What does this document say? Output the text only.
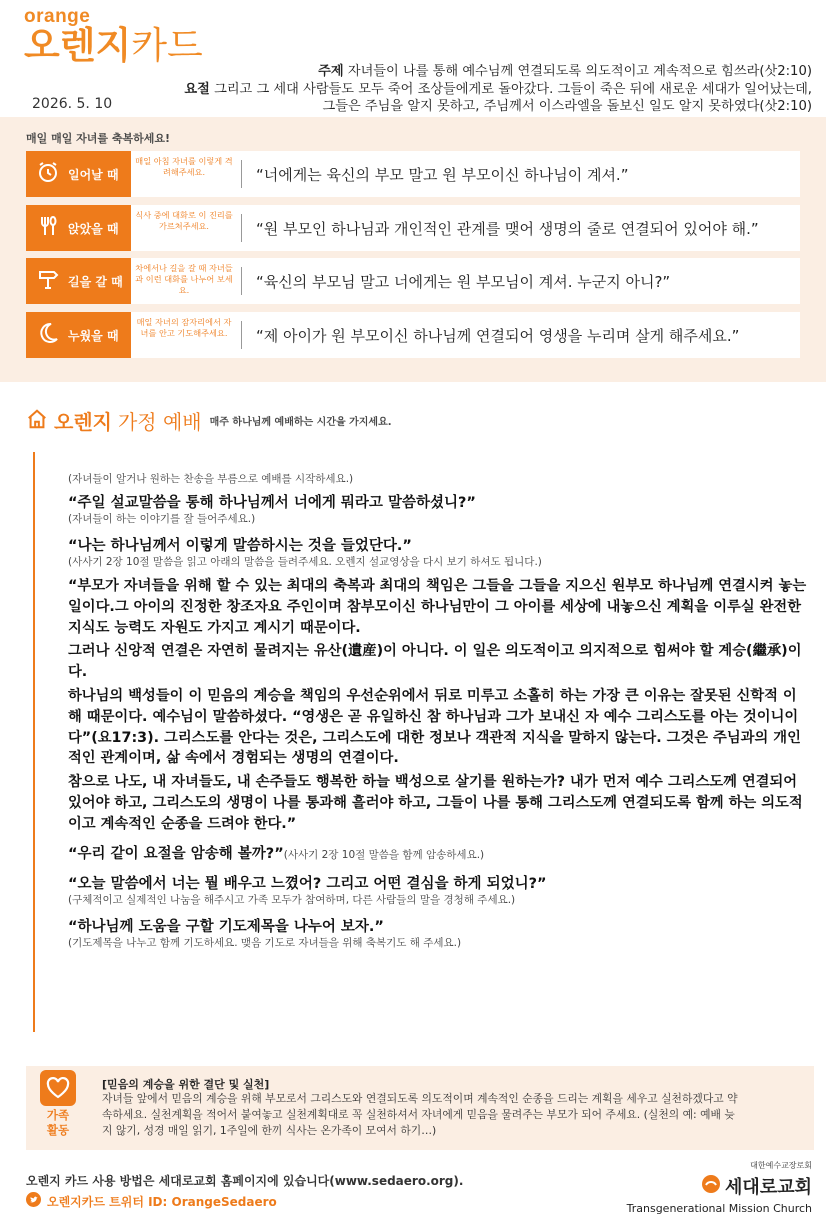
orange
오렌지카드
2026. 5. 10
주제 자녀들이 나를 통해 예수님께 연결되도록 의도적이고 계속적으로 힘쓰라(삿2:10)
요절 그리고 그 세대 사람들도 모두 죽어 조상들에게로 돌아갔다. 그들이 죽은 뒤에 새로운 세대가 일어났는데, 그들은 주님을 알지 못하고, 주님께서 이스라엘을 돌보신 일도 알지 못하였다(삿2:10)
매일 매일 자녀를 축복하세요!
일어날 때
매일 아침 자녀를 이렇게 격려해주세요.	“너에게는 육신의 부모 말고 원 부모이신 하나님이 계셔.”
앉았을 때
식사 중에 대화로 이 진리를 가르쳐주세요.	“원 부모인 하나님과 개인적인 관계를 맺어 생명의 줄로 연결되어 있어야 해.”
길을 갈 때
차에서나 길을 갈 때 자녀들과 이런 대화를 나누어 보세요.	“육신의 부모님 말고 너에게는 원 부모님이 계셔. 누군지 아니?”
누웠을 때
매일 자녀의 잠자리에서 자녀를 안고 기도해주세요.	“제 아이가 원 부모이신 하나님께 연결되어 영생을 누리며 살게 해주세요.”
오렌지 가정 예배 매주 하나님께 예배하는 시간을 가지세요.
(자녀들이 알거나 원하는 찬송을 부름으로 예배를 시작하세요.)
“주일 설교말씀을 통해 하나님께서 너에게 뭐라고 말씀하셨니?”
(자녀들이 하는 이야기를 잘 들어주세요.)
“나는 하나님께서 이렇게 말씀하시는 것을 들었단다.”
(사사기 2장 10절 말씀을 읽고 아래의 말씀을 들려주세요. 오렌지 설교영상을 다시 보기 하셔도 됩니다.)
“부모가 자녀들을 위해 할 수 있는 최대의 축복과 최대의 책임은 그들을 그들을 지으신 원부모 하나님께 연결시켜 놓는 일이다.그 아이의 진정한 창조자요 주인이며 참부모이신 하나님만이 그 아이를 세상에 내놓으신 계획을 이루실 완전한 지식도 능력도 자원도 가지고 계시기 때문이다.
그러나 신앙적 연결은 자연히 물려지는 유산(遺産)이 아니다. 이 일은 의도적이고 의지적으로 힘써야 할 계승(繼承)이다.
하나님의 백성들이 이 믿음의 계승을 책임의 우선순위에서 뒤로 미루고 소홀히 하는 가장 큰 이유는 잘못된 신학적 이해 때문이다. 예수님이 말씀하셨다. “영생은 곧 유일하신 참 하나님과 그가 보내신 자 예수 그리스도를 아는 것이니이다”(요17:3). 그리스도를 안다는 것은, 그리스도에 대한 정보나 객관적 지식을 말하지 않는다. 그것은 주님과의 개인적인 관계이며, 삶 속에서 경험되는 생명의 연결이다.
참으로 나도, 내 자녀들도, 내 손주들도 행복한 하늘 백성으로 살기를 원하는가? 내가 먼저 예수 그리스도께 연결되어 있어야 하고, 그리스도의 생명이 나를 통과해 흘러야 하고, 그들이 나를 통해 그리스도께 연결되도록 함께 하는 의도적이고 계속적인 순종을 드려야 한다.”
“우리 같이 요절을 암송해 볼까?”(사사기 2장 10절 말씀을 함께 암송하세요.)
“오늘 말씀에서 너는 뭘 배우고 느꼈어? 그리고 어떤 결심을 하게 되었니?”
(구체적이고 실제적인 나눔을 해주시고 가족 모두가 참여하며, 다른 사람들의 말을 경청해 주세요.)
“하나님께 도움을 구할 기도제목을 나누어 보자.”
(기도제목을 나누고 함께 기도하세요. 맺음 기도로 자녀들을 위해 축복기도 해 주세요.)
가족 활동
[믿음의 계승을 위한 결단 및 실천]
자녀들 앞에서 믿음의 계승을 위해 부모로서 그리스도와 연결되도록 의도적이며 계속적인 순종을 드리는 계획을 세우고 실천하겠다고 약속하세요. 실천계획을 적어서 붙여놓고 실천계획대로 꼭 실천하셔서 자녀에게 믿음을 물려주는 부모가 되어 주세요. (실천의 예: 예배 늦지 않기, 성경 매일 읽기, 1주일에 한끼 식사는 온가족이 모여서 하기…)
오렌지 카드 사용 방법은 세대로교회 홈페이지에 있습니다(www.sedaero.org).
오렌지카드 트위터 ID: OrangeSedaero
대한예수교장로회
세대로교회
Transgenerational Mission Church
